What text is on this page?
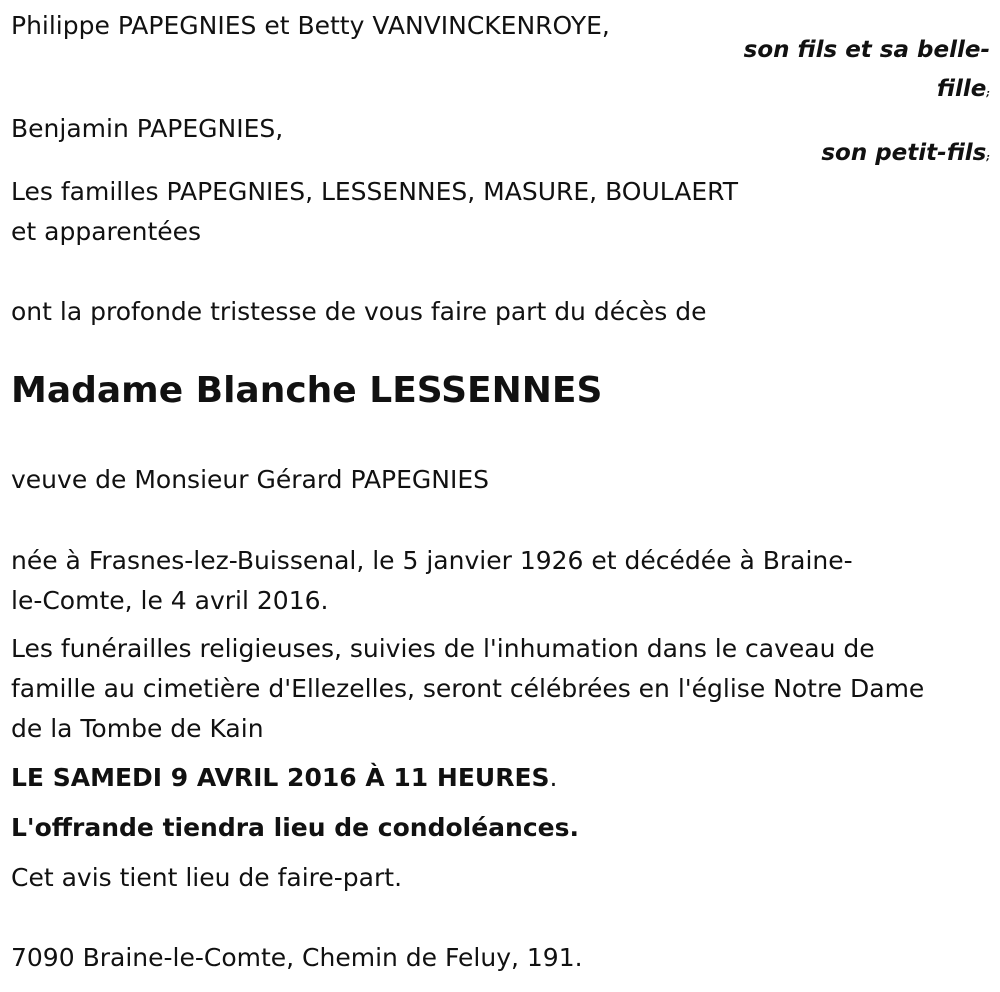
Philippe PAPEGNIES et Betty VANVINCKENROYE,

son fils et sa belle-

fille;

Benjamin PAPEGNIES,

son petit-fils;

Les familles PAPEGNIES, LESSENNES, MASURE, BOULAERT

et apparentées

ont la profonde tristesse de vous faire part du décès de

Madame Blanche LESSENNES

veuve de Monsieur Gérard PAPEGNIES

née à Frasnes-lez-Buissenal, le 5 janvier 1926 et décédée à Braine-

le-Comte, le 4 avril 2016.

Les funérailles religieuses, suivies de l'inhumation dans le caveau de

famille au cimetière d'Ellezelles, seront célébrées en l'église Notre Dame

de la Tombe de Kain

LE SAMEDI 9 AVRIL 2016 À 11 HEURES.

L'offrande tiendra lieu de condoléances.

Cet avis tient lieu de faire-part.

7090 Braine-le-Comte, Chemin de Feluy, 191.
